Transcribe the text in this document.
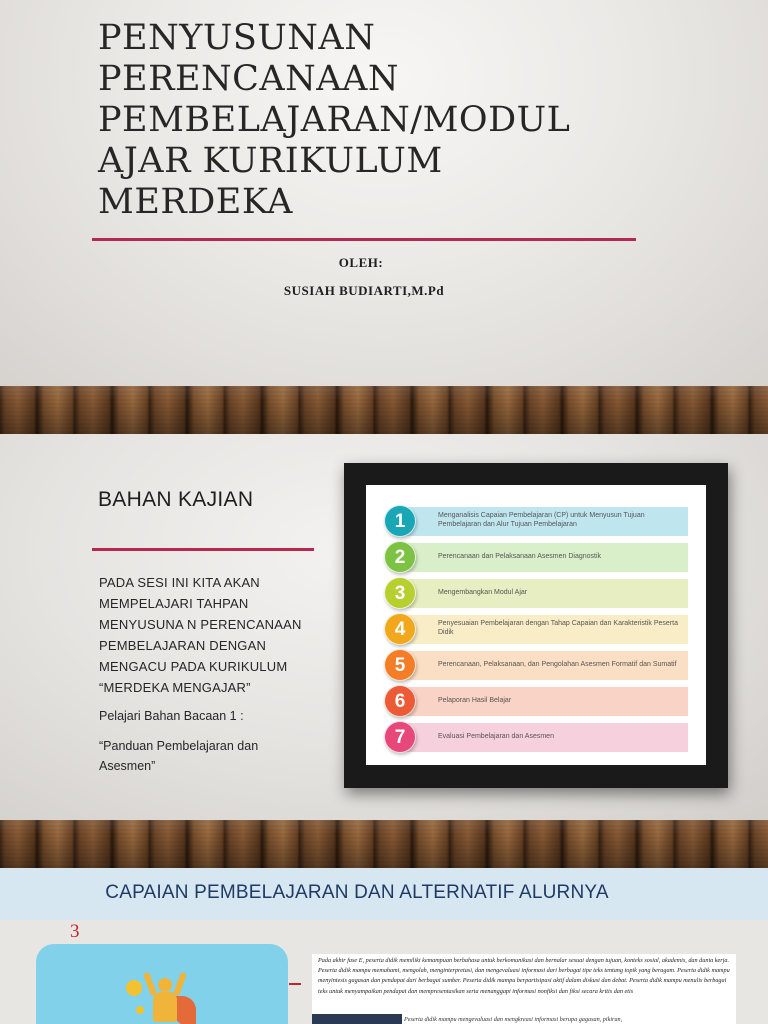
PENYUSUNAN PERENCANAAN PEMBELAJARAN/MODUL AJAR KURIKULUM MERDEKA
OLEH:
SUSIAH BUDIARTI,M.Pd
BAHAN KAJIAN

PADA SESI INI KITA AKAN MEMPELAJARI TAHPAN MENYUSUNA N PERENCANAAN PEMBELAJARAN DENGAN MENGACU PADA KURIKULUM “MERDEKA MENGAJAR”

Pelajari Bahan Bacaan 1 :

“Panduan Pembelajaran dan Asesmen”

1	Menganalisis Capaian Pembelajaran (CP) untuk Menyusun Tujuan Pembelajaran dan Alur Tujuan Pembelajaran
2	Perencanaan dan Pelaksanaan Asesmen Diagnostik
3	Mengembangkan Modul Ajar
4	Penyesuaian Pembelajaran dengan Tahap Capaian dan Karakteristik Peserta Didik
5	Perencanaan, Pelaksanaan, dan Pengolahan Asesmen Formatif dan Sumatif
6	Pelaporan Hasil Belajar
7	Evaluasi Pembelajaran dan Asesmen
CAPAIAN PEMBELAJARAN DAN ALTERNATIF ALURNYA
3

Pada akhir fase E, peserta didik memiliki kemampuan berbahasa untuk berkomunikasi dan bernalar sesuai dengan tujuan, konteks sosial, akademis, dan dunia kerja. Peserta didik mampu memahami, mengolah, menginterpretasi, dan mengevaluasi informasi dari berbagai tipe teks tentang topik yang beragam. Peserta didik mampu menyintesis gagasan dan pendapat dari berbagai sumber. Peserta didik mampu berpartisipasi aktif dalam diskusi dan debat. Peserta didik mampu menulis berbagai teks untuk menyampaikan pendapat dan mempresentasikan serta menanggapi informasi nonfiksi dan fiksi secara kritis dan etis

Peserta didik mampu mengevaluasi dan mengkreasi informasi berupa gagasan, pikiran,
